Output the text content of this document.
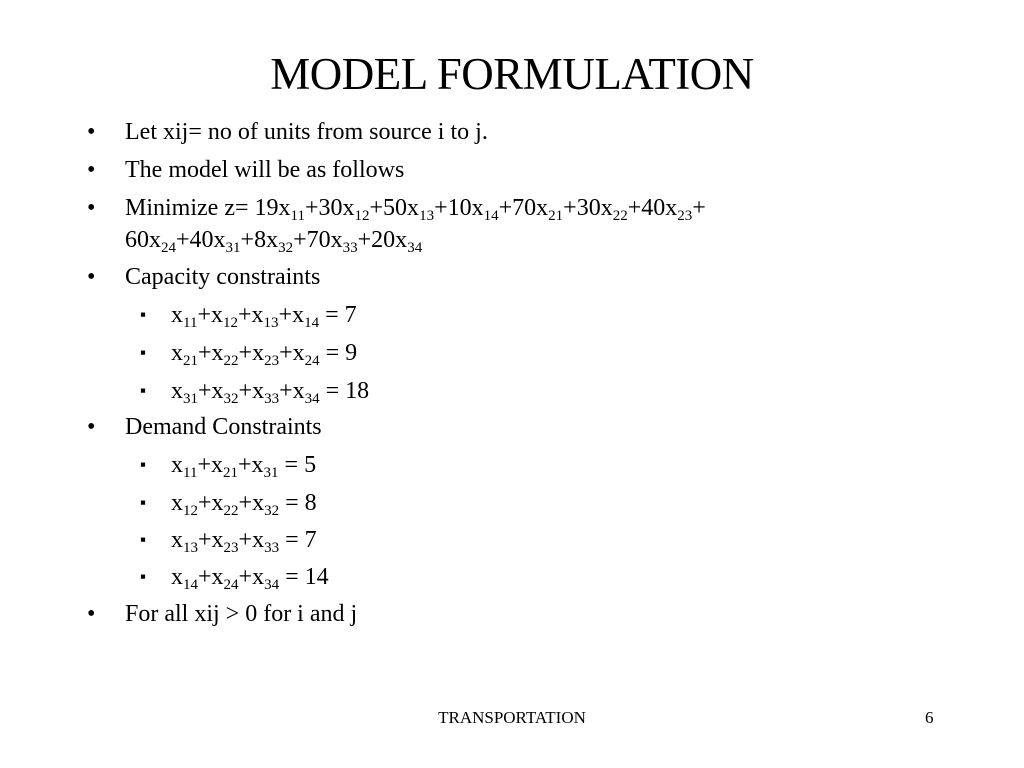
MODEL FORMULATION
• Let xij= no of units from source i to j.
• The model will be as follows
• Minimize $z= 19x_{11}+30x_{12}+50x_{13}+10x_{14}+70x_{21}+30x_{22}+40x_{23}+$
$60x_{24}+40x_{31}+8x_{32}+70x_{33}+20x_{34}$
• Capacity constraints
▪ $x_{11}+x_{12}+x_{13}+x_{14} = 7$
▪ $x_{21}+x_{22}+x_{23}+x_{24} = 9$
▪ $x_{31}+x_{32}+x_{33}+x_{34} = 18$
• Demand Constraints
▪ $x_{11}+x_{21}+x_{31} = 5$
▪ $x_{12}+x_{22}+x_{32} = 8$
▪ $x_{13}+x_{23}+x_{33} = 7$
▪ $x_{14}+x_{24}+x_{34} = 14$
• For all xij > 0 for i and j
TRANSPORTATION	6
